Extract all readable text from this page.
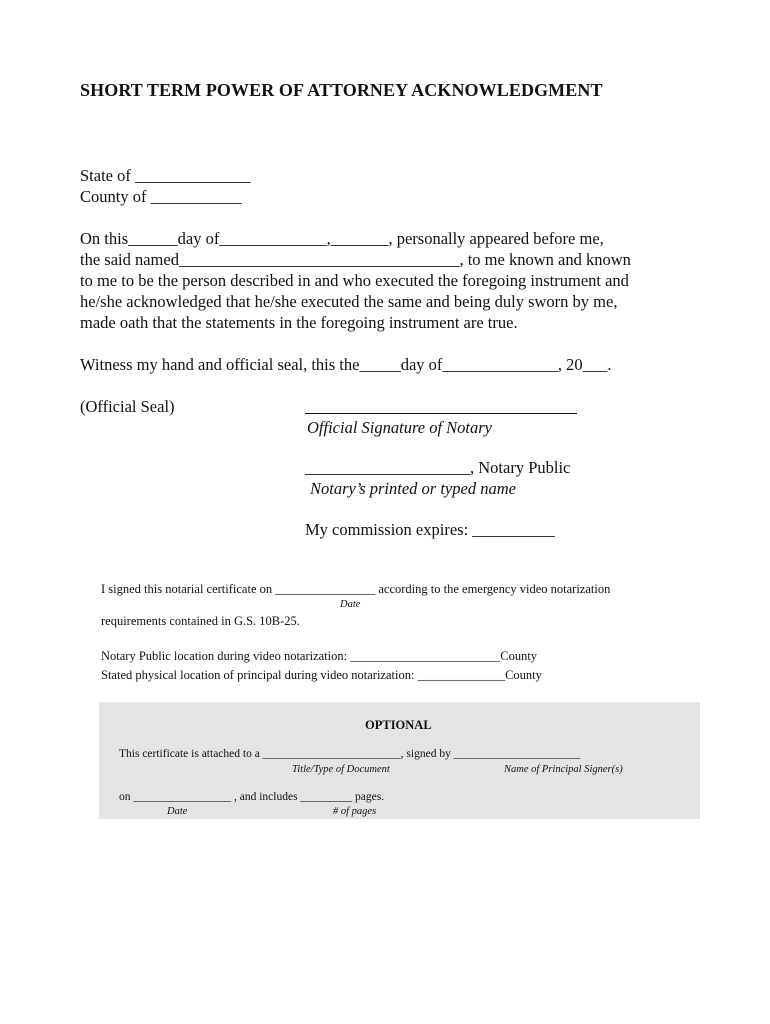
SHORT TERM POWER OF ATTORNEY ACKNOWLEDGMENT
State of ______________
County of ___________
On this______day of_____________,_______, personally appeared before me,
the said named__________________________________, to me known and known
to me to be the person described in and who executed the foregoing instrument and
he/she acknowledged that he/she executed the same and being duly sworn by me,
made oath that the statements in the foregoing instrument are true.
Witness my hand and official seal, this the_____day of______________, 20___.
(Official Seal)
Official Signature of Notary
____________________, Notary Public
Notary’s printed or typed name
My commission expires: __________
I signed this notarial certificate on ________________ according to the emergency video notarization
Date
requirements contained in G.S. 10B-25.
Notary Public location during video notarization: ________________________County
Stated physical location of principal during video notarization: ______________County
OPTIONAL
This certificate is attached to a ________________________, signed by ______________________
Title/Type of Document	Name of Principal Signer(s)
on _________________ , and includes _________ pages.
Date	# of pages
